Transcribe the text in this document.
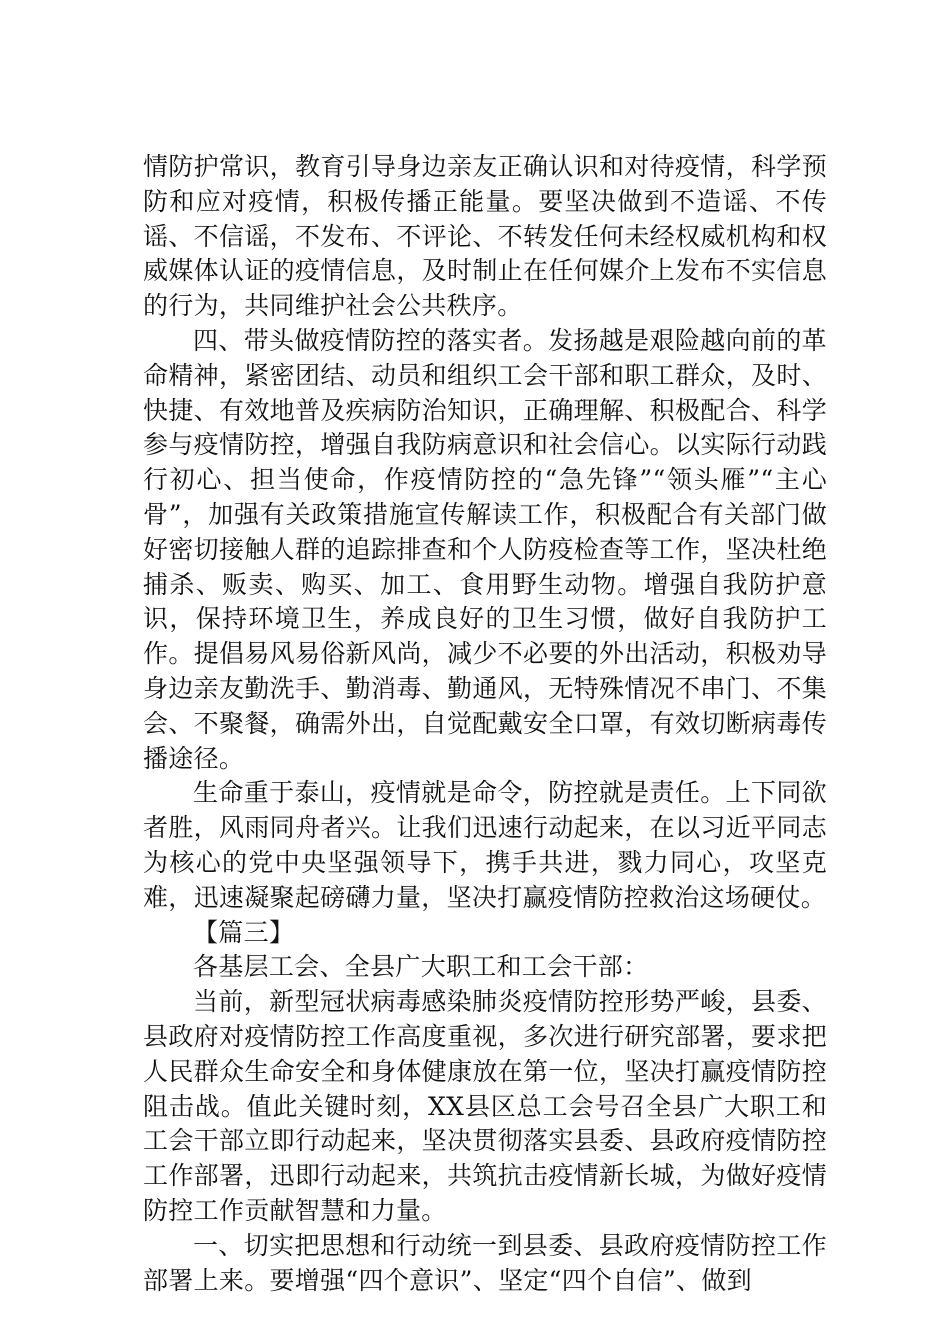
情防护常识，教育引导身边亲友正确认识和对待疫情，科学预防和应对疫情，积极传播正能量。要坚决做到不造谣、不传谣、不信谣，不发布、不评论、不转发任何未经权威机构和权威媒体认证的疫情信息，及时制止在任何媒介上发布不实信息的行为，共同维护社会公共秩序。

四、带头做疫情防控的落实者。发扬越是艰险越向前的革命精神，紧密团结、动员和组织工会干部和职工群众，及时、快捷、有效地普及疾病防治知识，正确理解、积极配合、科学参与疫情防控，增强自我防病意识和社会信心。以实际行动践行初心、担当使命，作疫情防控的“急先锋”“领头雁”“主心骨”，加强有关政策措施宣传解读工作，积极配合有关部门做好密切接触人群的追踪排查和个人防疫检查等工作，坚决杜绝捕杀、贩卖、购买、加工、食用野生动物。增强自我防护意识，保持环境卫生，养成良好的卫生习惯，做好自我防护工作。提倡易风易俗新风尚，减少不必要的外出活动，积极劝导身边亲友勤洗手、勤消毒、勤通风，无特殊情况不串门、不集会、不聚餐，确需外出，自觉配戴安全口罩，有效切断病毒传播途径。

生命重于泰山，疫情就是命令，防控就是责任。上下同欲者胜，风雨同舟者兴。让我们迅速行动起来，在以习近平同志为核心的党中央坚强领导下，携手共进，戮力同心，攻坚克难，迅速凝聚起磅礴力量，坚决打赢疫情防控救治这场硬仗。

【篇三】

各基层工会、全县广大职工和工会干部：

当前，新型冠状病毒感染肺炎疫情防控形势严峻，县委、县政府对疫情防控工作高度重视，多次进行研究部署，要求把人民群众生命安全和身体健康放在第一位，坚决打赢疫情防控阻击战。值此关键时刻，XX县区总工会号召全县广大职工和工会干部立即行动起来，坚决贯彻落实县委、县政府疫情防控工作部署，迅即行动起来，共筑抗击疫情新长城，为做好疫情防控工作贡献智慧和力量。

一、切实把思想和行动统一到县委、县政府疫情防控工作部署上来。要增强“四个意识”、坚定“四个自信”、做到
